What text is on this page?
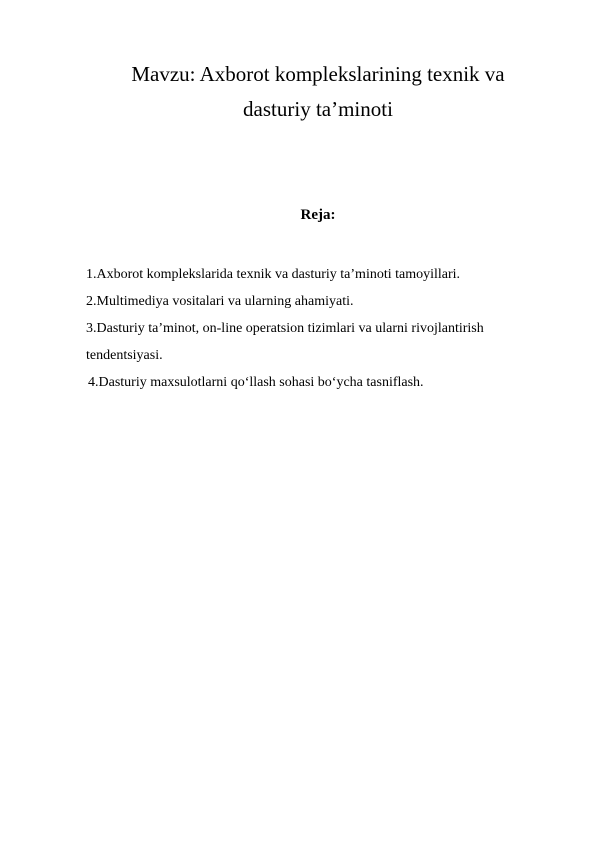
Mavzu: Axborot komplekslarining texnik va
dasturiy ta’minoti
Reja:
1.Axborot komplekslarida texnik va dasturiy ta’minoti tamoyillari.
2.Multimediya vositalari va ularning ahamiyati.
3.Dasturiy ta’minot, on-line operatsion tizimlari va ularni rivojlantirish
tendentsiyasi.
4.Dasturiy maxsulotlarni qo‘llash sohasi bo‘ycha tasniflash.
